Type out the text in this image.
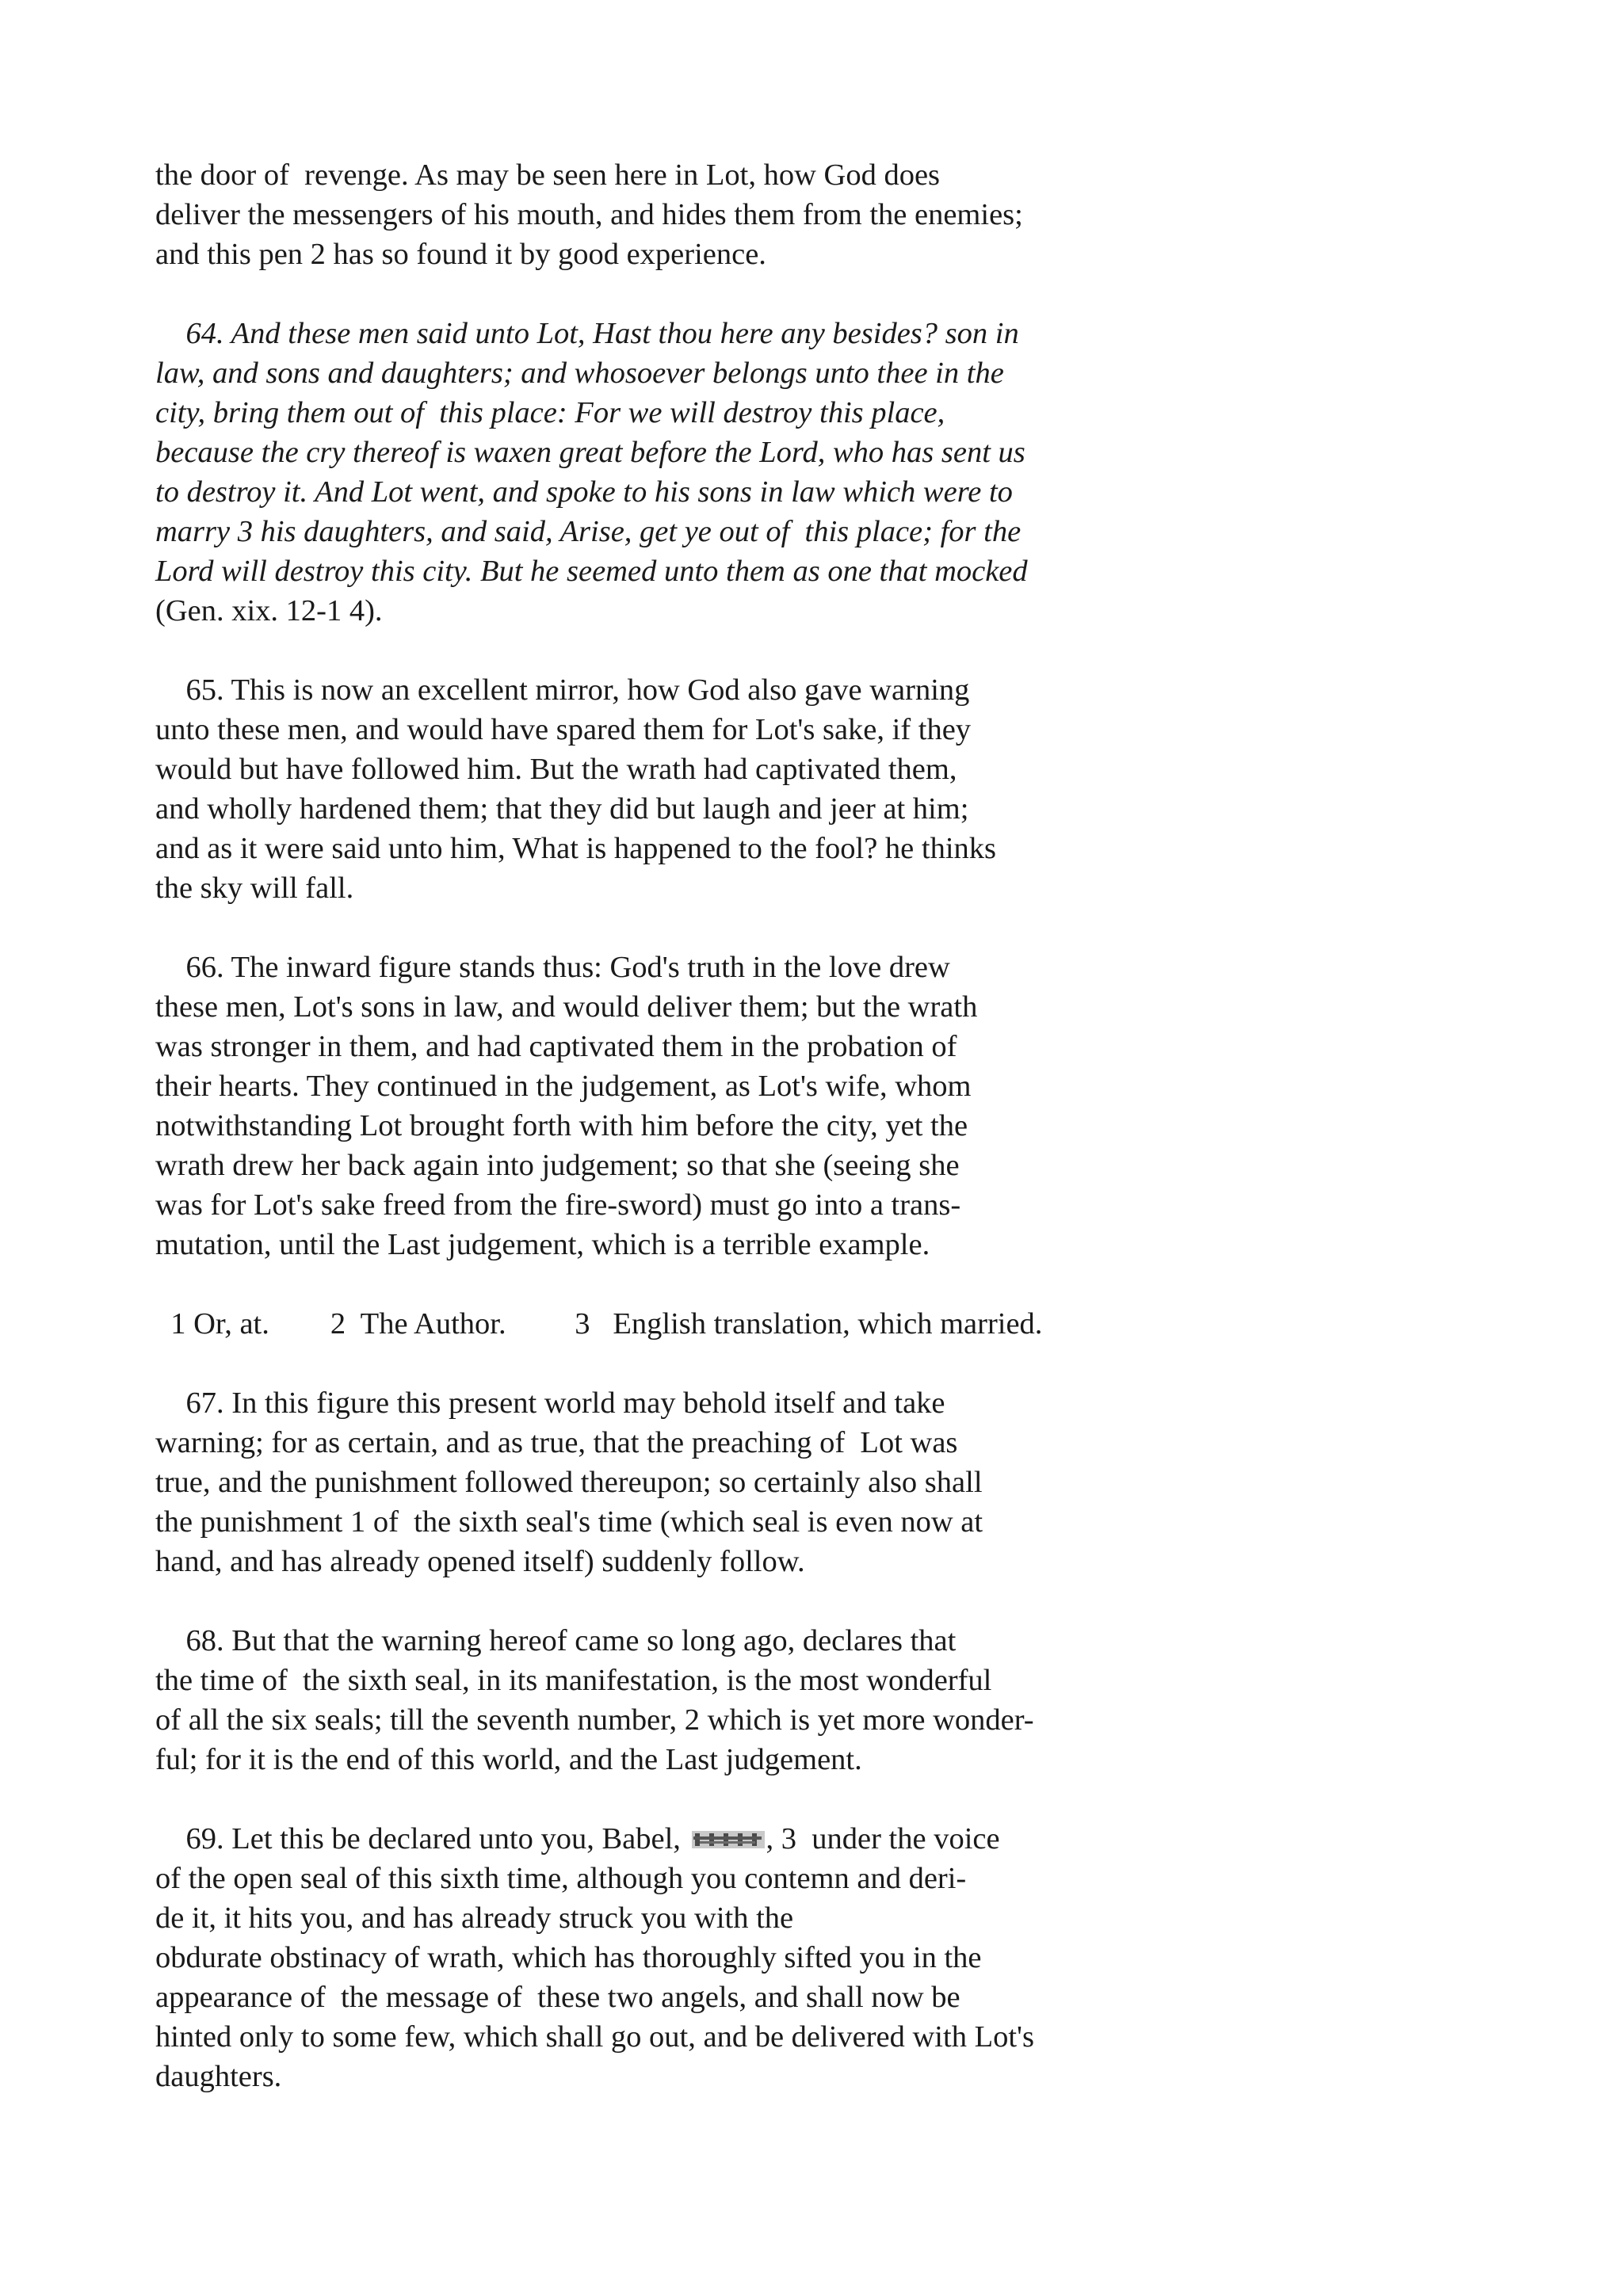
the door of  revenge. As may be seen here in Lot, how God does

deliver the messengers of his mouth, and hides them from the enemies;

and this pen 2 has so found it by good experience.

64. And these men said unto Lot, Hast thou here any besides? son in

law, and sons and daughters; and whosoever belongs unto thee in the

city, bring them out of  this place: For we will destroy this place,

because the cry thereof is waxen great before the Lord, who has sent us

to destroy it. And Lot went, and spoke to his sons in law which were to

marry 3 his daughters, and said, Arise, get ye out of  this place; for the

Lord will destroy this city. But he seemed unto them as one that mocked

(Gen. xix. 12-1 4).

65. This is now an excellent mirror, how God also gave warning

unto these men, and would have spared them for Lot's sake, if they

would but have followed him. But the wrath had captivated them,

and wholly hardened them; that they did but laugh and jeer at him;

and as it were said unto him, What is happened to the fool? he thinks

the sky will fall.

66. The inward figure stands thus: God's truth in the love drew

these men, Lot's sons in law, and would deliver them; but the wrath

was stronger in them, and had captivated them in the probation of

their hearts. They continued in the judgement, as Lot's wife, whom

notwithstanding Lot brought forth with him before the city, yet the

wrath drew her back again into judgement; so that she (seeing she

was for Lot's sake freed from the fire-sword) must go into a trans-

mutation, until the Last judgement, which is a terrible example.

1 Or, at.        2  The Author.         3   English translation, which married.

67. In this figure this present world may behold itself and take

warning; for as certain, and as true, that the preaching of  Lot was

true, and the punishment followed thereupon; so certainly also shall

the punishment 1 of  the sixth seal's time (which seal is even now at

hand, and has already opened itself) suddenly follow.

68. But that the warning hereof came so long ago, declares that

the time of  the sixth seal, in its manifestation, is the most wonderful

of all the six seals; till the seventh number, 2 which is yet more wonder-

ful; for it is the end of this world, and the Last judgement.

69. Let this be declared unto you, Babel,	, 3  under the voice

of the open seal of this sixth time, although you contemn and deri-

de it, it hits you, and has already struck you with the

obdurate obstinacy of wrath, which has thoroughly sifted you in the

appearance of  the message of  these two angels, and shall now be

hinted only to some few, which shall go out, and be delivered with Lot's

daughters.
